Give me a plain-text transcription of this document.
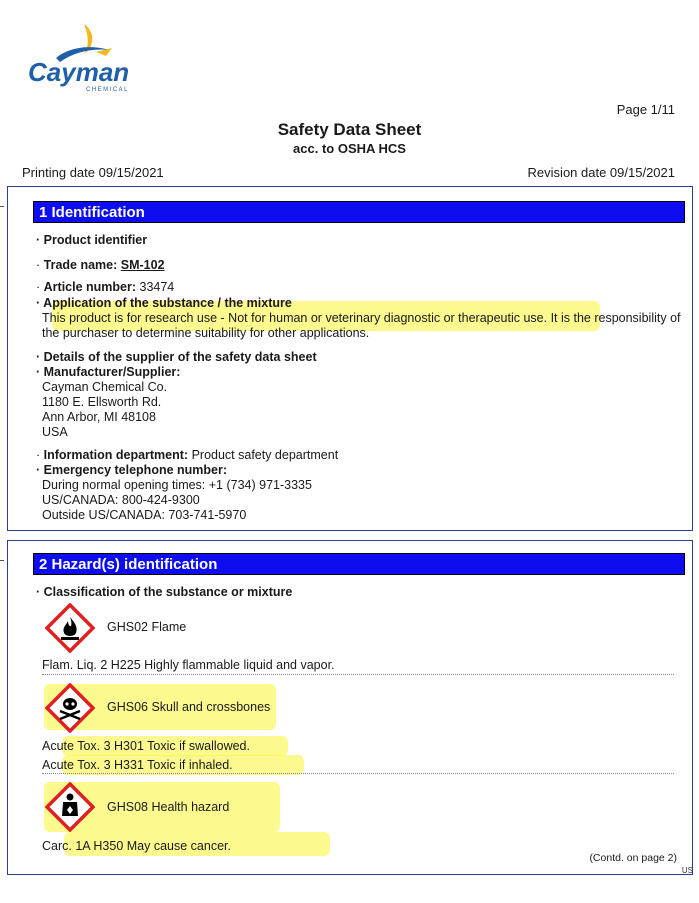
Cayman
CHEMICAL
Page 1/11
Safety Data Sheet
acc. to OSHA HCS
Printing date 09/15/2021	Revision date 09/15/2021
1 Identification
· Product identifier
· Trade name: SM-102
· Article number: 33474
· Application of the substance / the mixture
This product is for research use - Not for human or veterinary diagnostic or therapeutic use. It is the responsibility of the purchaser to determine suitability for other applications.
· Details of the supplier of the safety data sheet
· Manufacturer/Supplier:
Cayman Chemical Co.
1180 E. Ellsworth Rd.
Ann Arbor, MI 48108
USA
· Information department: Product safety department
· Emergency telephone number:
During normal opening times: +1 (734) 971-3335
US/CANADA: 800-424-9300
Outside US/CANADA: 703-741-5970
2 Hazard(s) identification
· Classification of the substance or mixture
GHS02 Flame
Flam. Liq. 2 H225 Highly flammable liquid and vapor.
GHS06 Skull and crossbones
Acute Tox. 3 H301 Toxic if swallowed.
Acute Tox. 3 H331 Toxic if inhaled.
GHS08 Health hazard
Carc. 1A H350 May cause cancer.
(Contd. on page 2)
US
